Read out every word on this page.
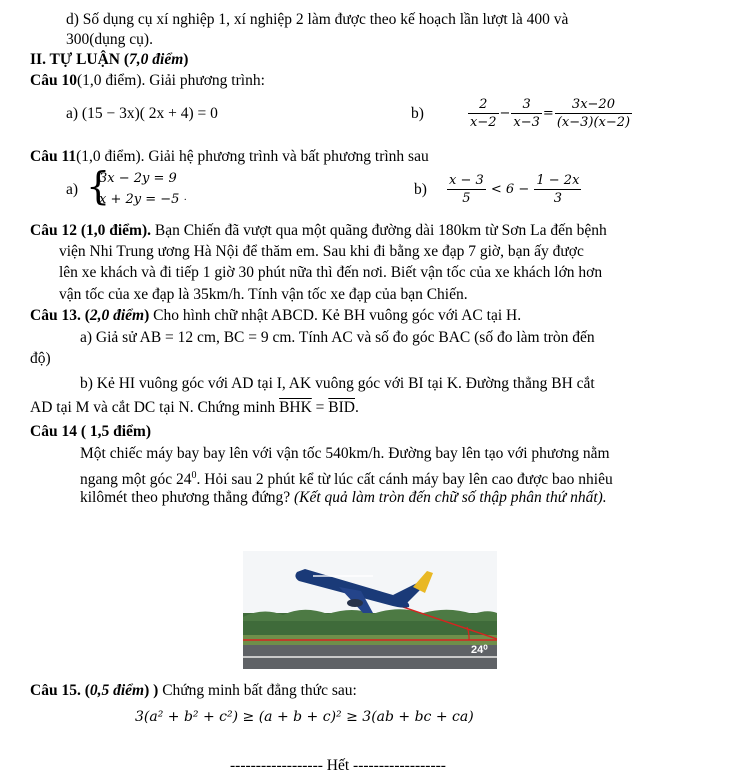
d) Số dụng cụ xí nghiệp 1, xí nghiệp 2 làm được theo kế hoạch lần lượt là 400 và
300(dụng cụ).
II. TỰ LUẬN (7,0 điểm)
Câu 10(1,0 điểm). Giải phương trình:
a) (15 − 3x)( 2x + 4) = 0	b)	$\frac{2}{x-2} - \frac{3}{x-3} = \frac{3x-20}{(x-3)(x-2)}$
Câu 11(1,0 điểm). Giải hệ phương trình và bất phương trình sau
a) {
3x − 2y = 9
x + 2y = −5 .	$b) \frac{x - 3}{5} < 6 - \frac{1 - 2x}{3}$
Câu 12 (1,0 điểm). Bạn Chiến đã vượt qua một quãng đường dài 180km từ Sơn La đến bệnh
viện Nhi Trung ương Hà Nội để thăm em. Sau khi đi bằng xe đạp 7 giờ, bạn ấy được
lên xe khách và đi tiếp 1 giờ 30 phút nữa thì đến nơi. Biết vận tốc của xe khách lớn hơn
vận tốc của xe đạp là 35km/h. Tính vận tốc xe đạp của bạn Chiến.
Câu 13. (2,0 điểm) Cho hình chữ nhật ABCD. Kẻ BH vuông góc với AC tại H.
a) Giả sử AB = 12 cm, BC = 9 cm. Tính AC và số đo góc BAC (số đo làm tròn đến
độ)
b) Kẻ HI vuông góc với AD tại I, AK vuông góc với BI tại K. Đường thẳng BH cắt
AD tại M và cắt DC tại N. Chứng minh $\overline{BHK} = \overline{BID}$.
Câu 14 ( 1,5 điểm)
Một chiếc máy bay bay lên với vận tốc 540km/h. Đường bay lên tạo với phương nằm
ngang một góc $24^0$. Hỏi sau 2 phút kể từ lúc cất cánh máy bay lên cao được bao nhiêu
kilômét theo phương thẳng đứng? (Kết quả làm tròn đến chữ số thập phân thứ nhất).
24⁰
Câu 15. (0,5 điểm) ) Chứng minh bất đẳng thức sau:
3(a² + b² + c²) ≥ (a + b + c)² ≥ 3(ab + bc + ca)
------------------ Hết ------------------
